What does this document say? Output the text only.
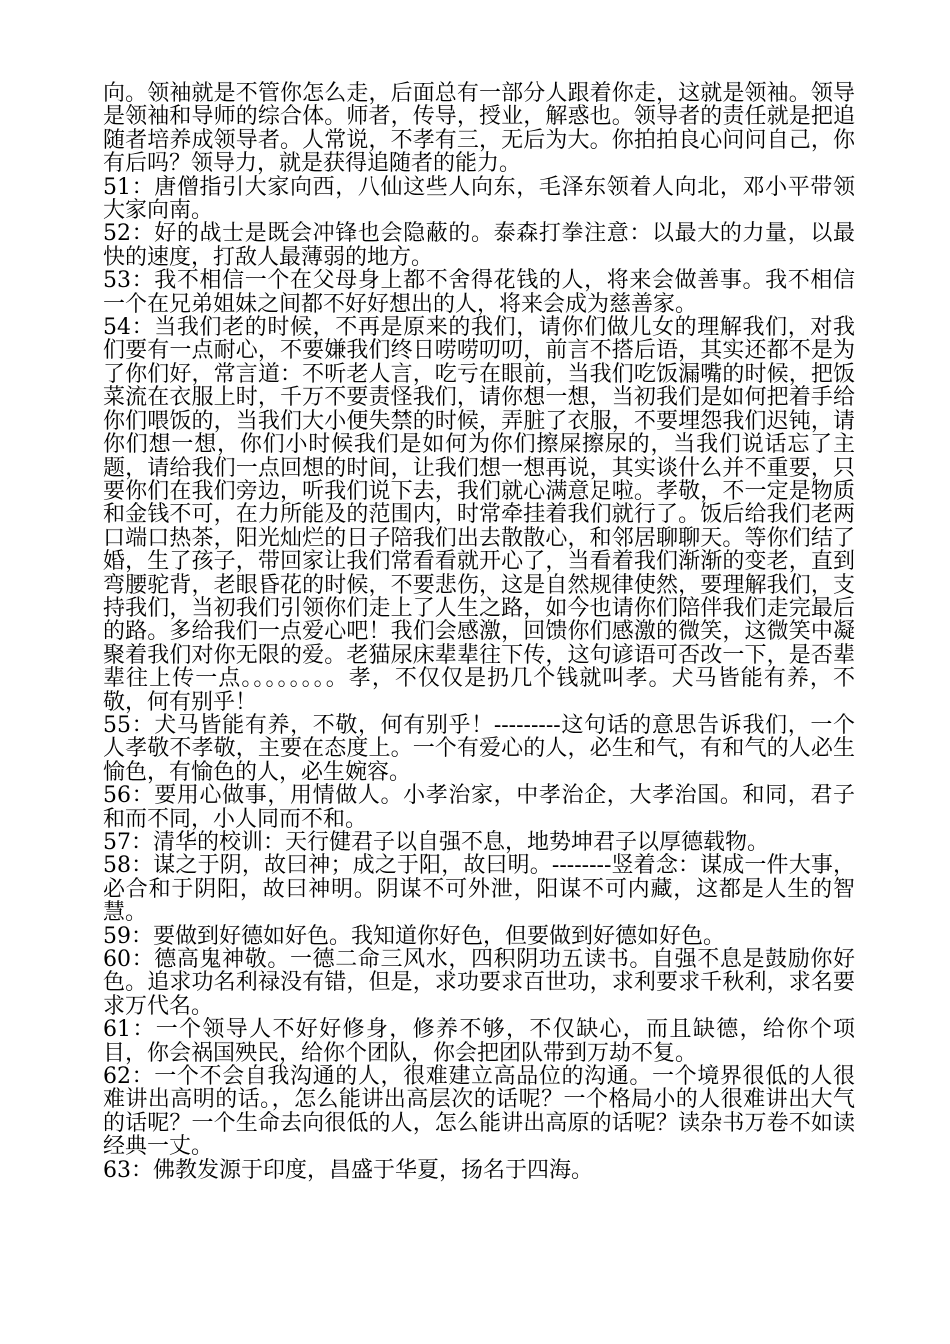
向。领袖就是不管你怎么走，后面总有一部分人跟着你走，这就是领袖。领导是领袖和导师的综合体。师者，传导，授业，解惑也。领导者的责任就是把追随者培养成领导者。人常说，不孝有三，无后为大。你拍拍良心问问自己，你有后吗？领导力，就是获得追随者的能力。

51：唐僧指引大家向西，八仙这些人向东，毛泽东领着人向北，邓小平带领大家向南。

52：好的战士是既会冲锋也会隐蔽的。泰森打拳注意：以最大的力量，以最快的速度，打敌人最薄弱的地方。

53：我不相信一个在父母身上都不舍得花钱的人，将来会做善事。我不相信一个在兄弟姐妹之间都不好好想出的人，将来会成为慈善家。

54：当我们老的时候，不再是原来的我们，请你们做儿女的理解我们，对我们要有一点耐心，不要嫌我们终日唠唠叨叨，前言不搭后语，其实还都不是为了你们好，常言道：不听老人言，吃亏在眼前，当我们吃饭漏嘴的时候，把饭菜流在衣服上时，千万不要责怪我们，请你想一想，当初我们是如何把着手给你们喂饭的，当我们大小便失禁的时候，弄脏了衣服，不要埋怨我们迟钝，请你们想一想，你们小时候我们是如何为你们擦屎擦尿的，当我们说话忘了主题，请给我们一点回想的时间，让我们想一想再说，其实谈什么并不重要，只要你们在我们旁边，听我们说下去，我们就心满意足啦。孝敬，不一定是物质和金钱不可，在力所能及的范围内，时常牵挂着我们就行了。饭后给我们老两口端口热茶，阳光灿烂的日子陪我们出去散散心，和邻居聊聊天。等你们结了婚，生了孩子，带回家让我们常看看就开心了，当看着我们渐渐的变老，直到弯腰驼背，老眼昏花的时候，不要悲伤，这是自然规律使然，要理解我们，支持我们，当初我们引领你们走上了人生之路，如今也请你们陪伴我们走完最后的路。多给我们一点爱心吧！我们会感激，回馈你们感激的微笑，这微笑中凝聚着我们对你无限的爱。老猫尿床辈辈往下传，这句谚语可否改一下，是否辈辈往上传一点。。。。。。。。孝，不仅仅是扔几个钱就叫孝。犬马皆能有养，不敬，何有别乎！

55：犬马皆能有养，不敬，何有别乎！---------这句话的意思告诉我们，一个人孝敬不孝敬，主要在态度上。一个有爱心的人，必生和气，有和气的人必生愉色，有愉色的人，必生婉容。

56：要用心做事，用情做人。小孝治家，中孝治企，大孝治国。和同，君子和而不同，小人同而不和。

57：清华的校训：天行健君子以自强不息，地势坤君子以厚德载物。

58：谋之于阴，故曰神；成之于阳，故曰明。--------竖着念：谋成一件大事，必合和于阴阳，故曰神明。阴谋不可外泄，阳谋不可内藏，这都是人生的智慧。

59：要做到好德如好色。我知道你好色，但要做到好德如好色。

60：德高鬼神敬。一德二命三风水，四积阴功五读书。自强不息是鼓励你好色。追求功名利禄没有错，但是，求功要求百世功，求利要求千秋利，求名要求万代名。

61：一个领导人不好好修身，修养不够，不仅缺心，而且缺德，给你个项目，你会祸国殃民，给你个团队，你会把团队带到万劫不复。

62：一个不会自我沟通的人，很难建立高品位的沟通。一个境界很低的人很难讲出高明的话。，怎么能讲出高层次的话呢？一个格局小的人很难讲出大气的话呢？一个生命去向很低的人，怎么能讲出高原的话呢？读杂书万卷不如读经典一丈。

63：佛教发源于印度，昌盛于华夏，扬名于四海。
